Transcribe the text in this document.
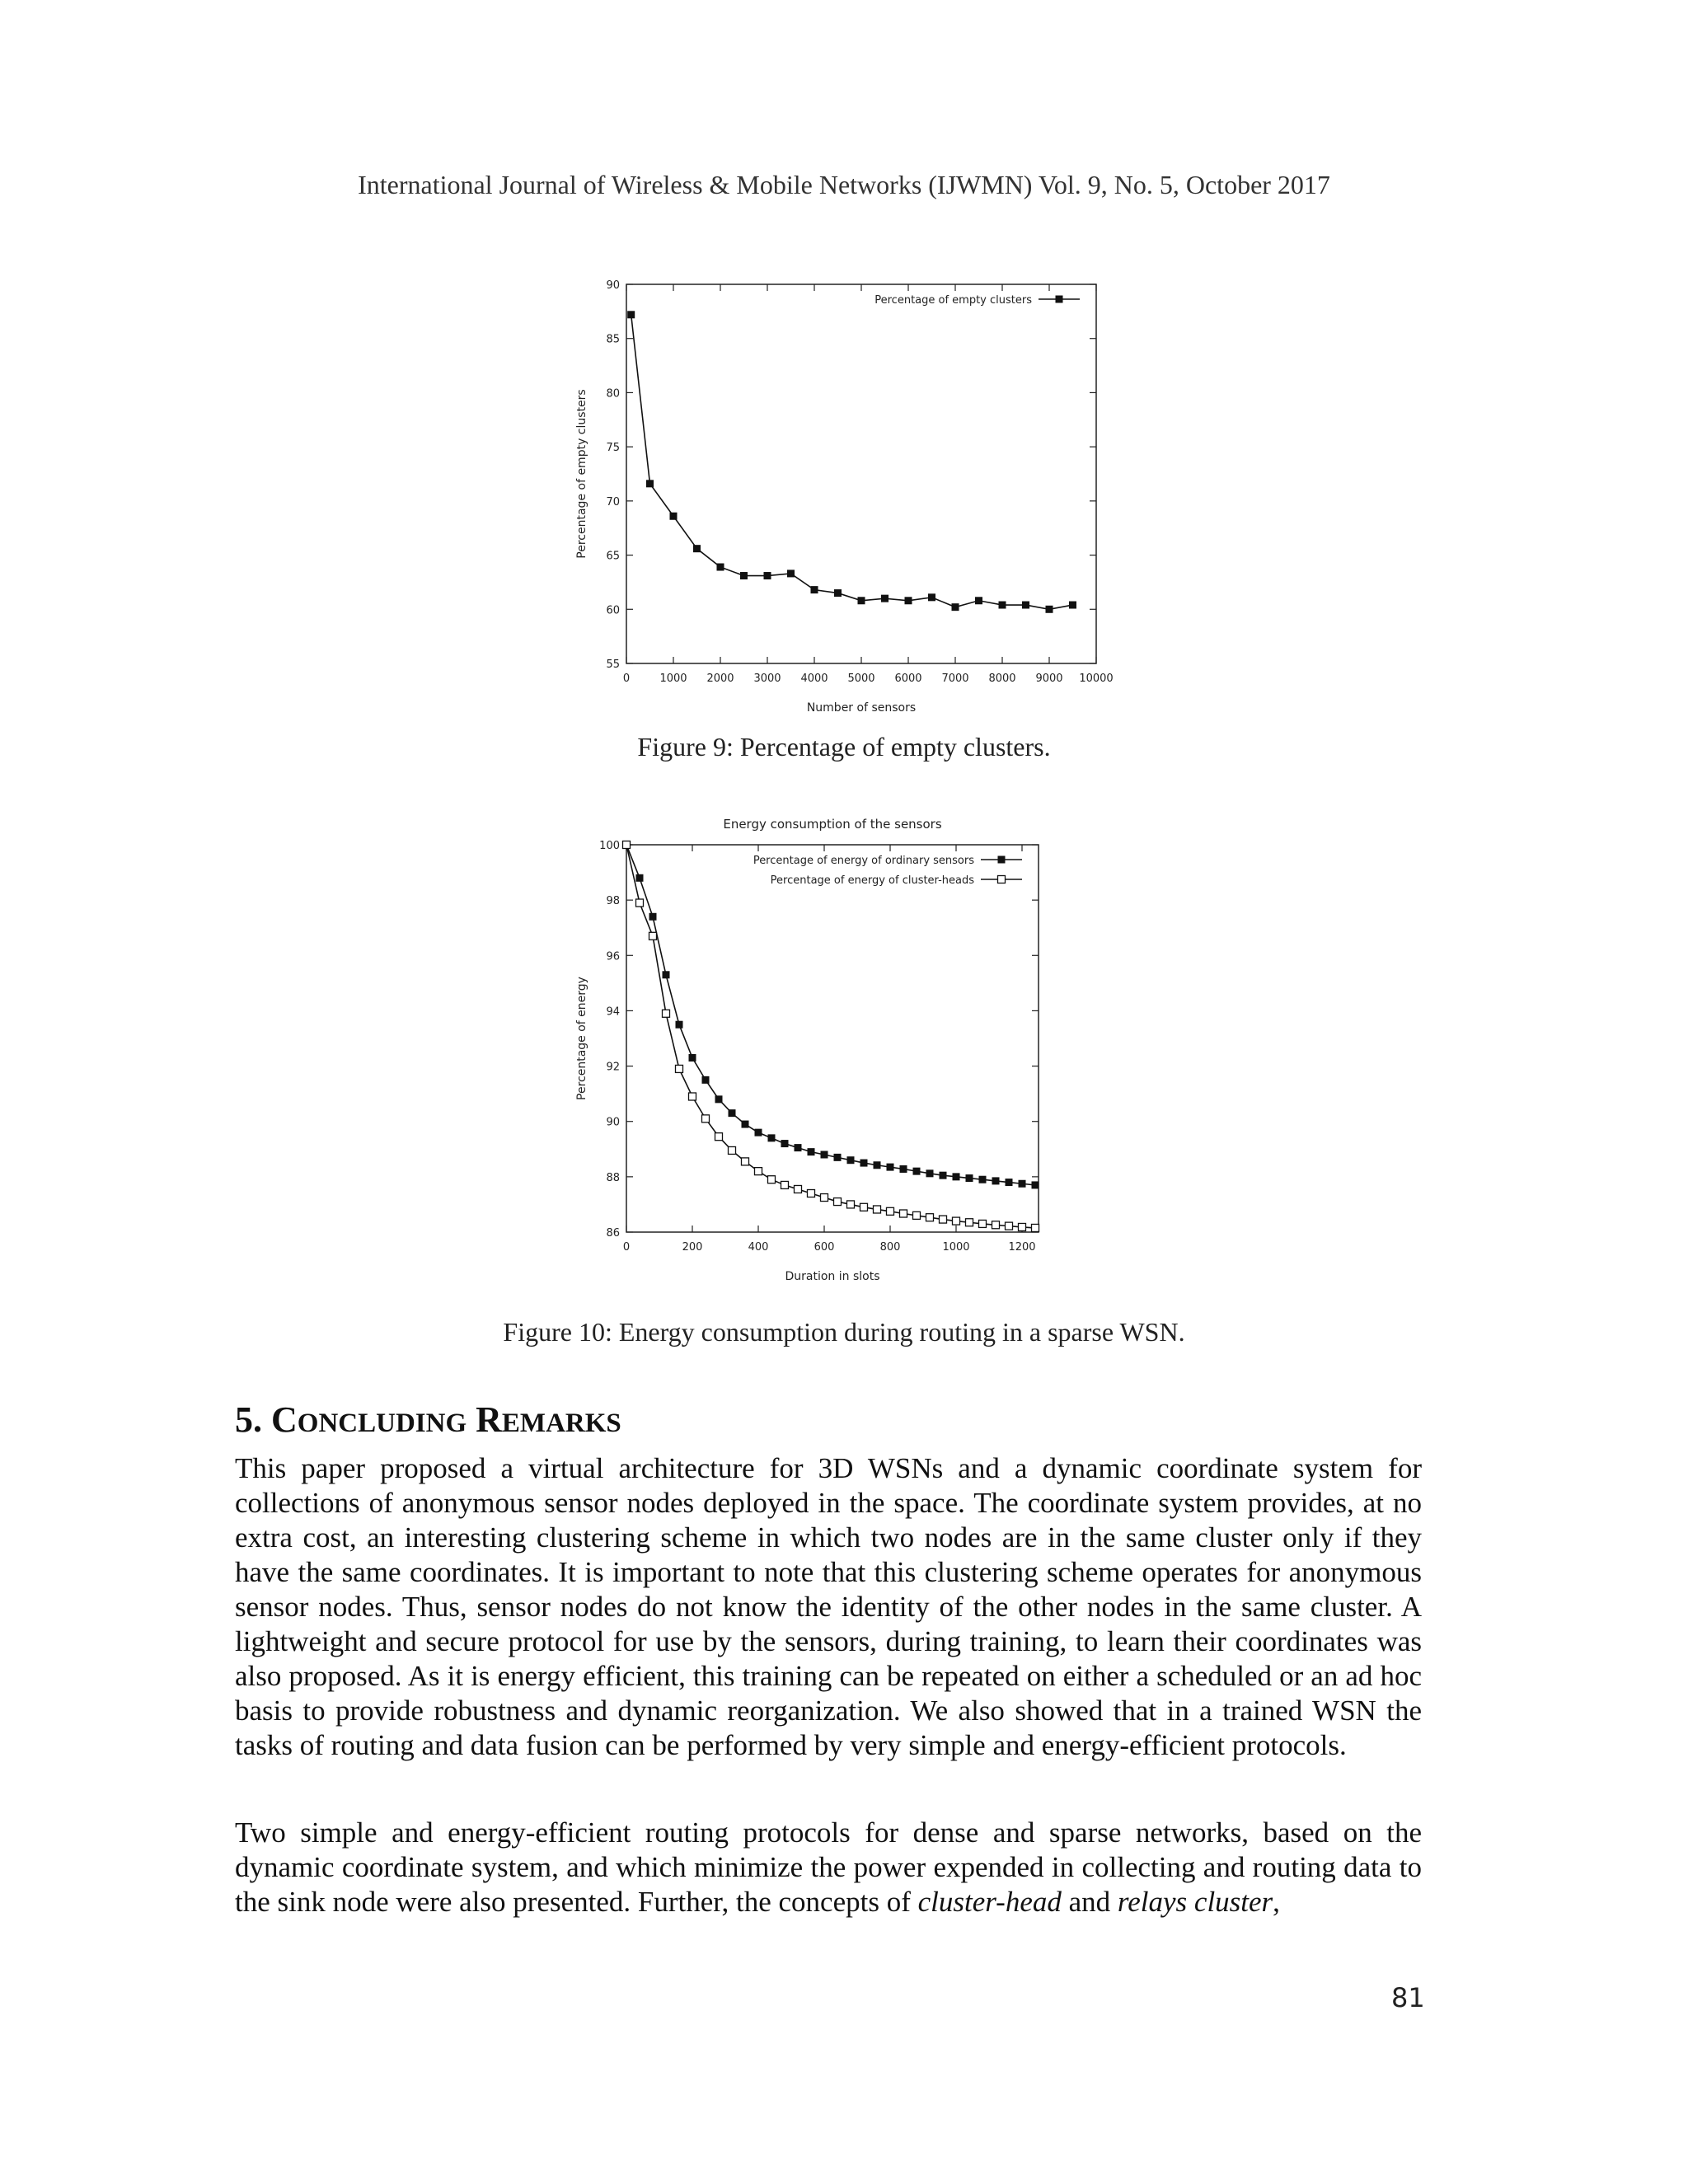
International Journal of Wireless & Mobile Networks (IJWMN) Vol. 9, No. 5, October 2017
0	1000 2000 3000 4000 5000 6000 7000 8000 9000 10000
55
60
65
70
75
80
85
90
Number of sensors
Percentage of empty clusters
Percentage of empty clusters
Figure 9: Percentage of empty clusters.
Energy consumption of the sensors
0	200	400	600	800	1000	1200
86
88
90
92
94
96
98
100
Duration in slots
Percentage of energy
Percentage of energy of ordinary sensors
Percentage of energy of cluster-heads
Figure 10: Energy consumption during routing in a sparse WSN.
5. CONCLUDING REMARKS
This paper proposed a virtual architecture for 3D WSNs and a dynamic coordinate system for collections of anonymous sensor nodes deployed in the space. The coordinate system provides, at no extra cost, an interesting clustering scheme in which two nodes are in the same cluster only if they have the same coordinates. It is important to note that this clustering scheme operates for anonymous sensor nodes. Thus, sensor nodes do not know the identity of the other nodes in the same cluster. A lightweight and secure protocol for use by the sensors, during training, to learn their coordinates was also proposed. As it is energy efficient, this training can be repeated on either a scheduled or an ad hoc basis to provide robustness and dynamic reorganization. We also showed that in a trained WSN the tasks of routing and data fusion can be performed by very simple and energy-efficient protocols.
Two simple and energy-efficient routing protocols for dense and sparse networks, based on the dynamic coordinate system, and which minimize the power expended in collecting and routing data to the sink node were also presented. Further, the concepts of cluster-head and relays cluster,
81
